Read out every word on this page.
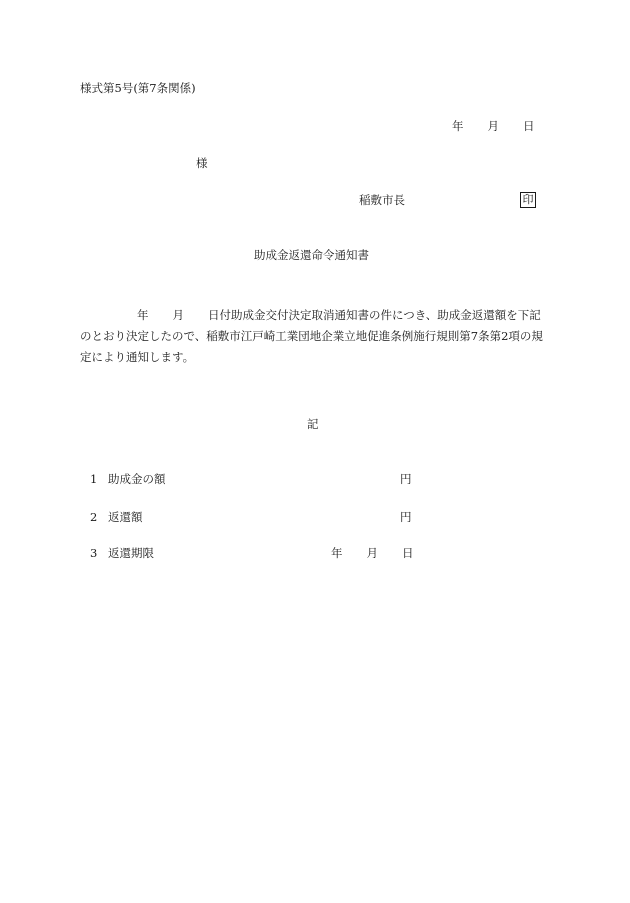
様式第5号(第7条関係)
年 月 日
様
稲敷市長	印
助成金返還命令通知書
年 月 日付助成金交付決定取消通知書の件につき、助成金返還額を下記
のとおり決定したので、稲敷市江戸崎工業団地企業立地促進条例施行規則第7条第2項の規
定により通知します。
記
1 助成金の額	円
2 返還額	円
3 返還期限	年 月 日
